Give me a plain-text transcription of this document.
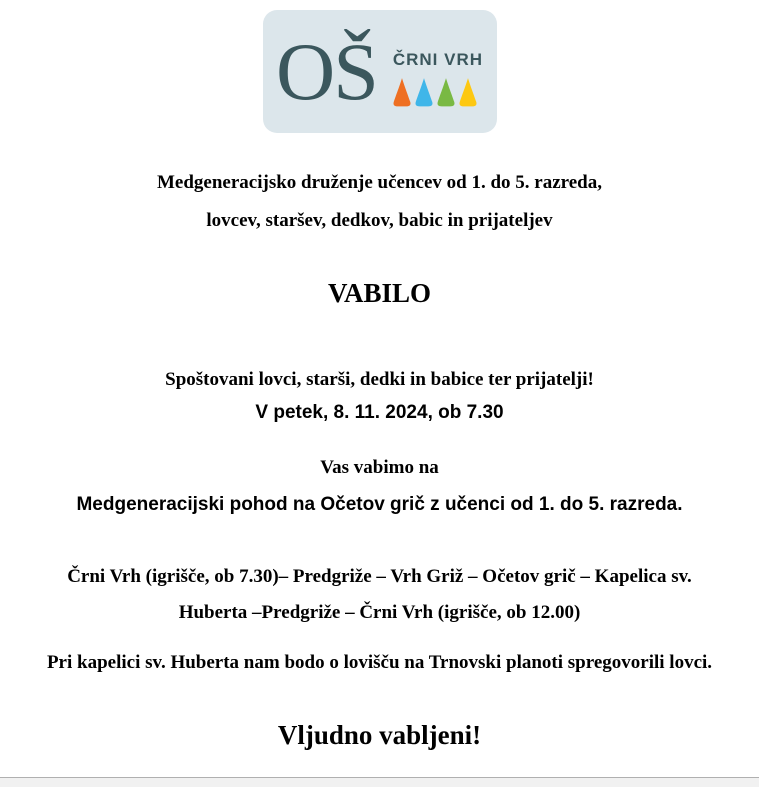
OŠ ČRNI VRH

Medgeneracijsko druženje učencev od 1. do 5. razreda,
lovcev, staršev, dedkov, babic in prijateljev

VABILO

Spoštovani lovci, starši, dedki in babice ter prijatelji!
V petek, 8. 11. 2024, ob 7.30

Vas vabimo na
Medgeneracijski pohod na Očetov grič z učenci od 1. do 5. razreda.

Črni Vrh (igrišče, ob 7.30)– Predgriže – Vrh Griž – Očetov grič – Kapelica sv.
Huberta –Predgriže – Črni Vrh (igrišče, ob 12.00)

Pri kapelici sv. Huberta nam bodo o lovišču na Trnovski planoti spregovorili lovci.

Vljudno vabljeni!
